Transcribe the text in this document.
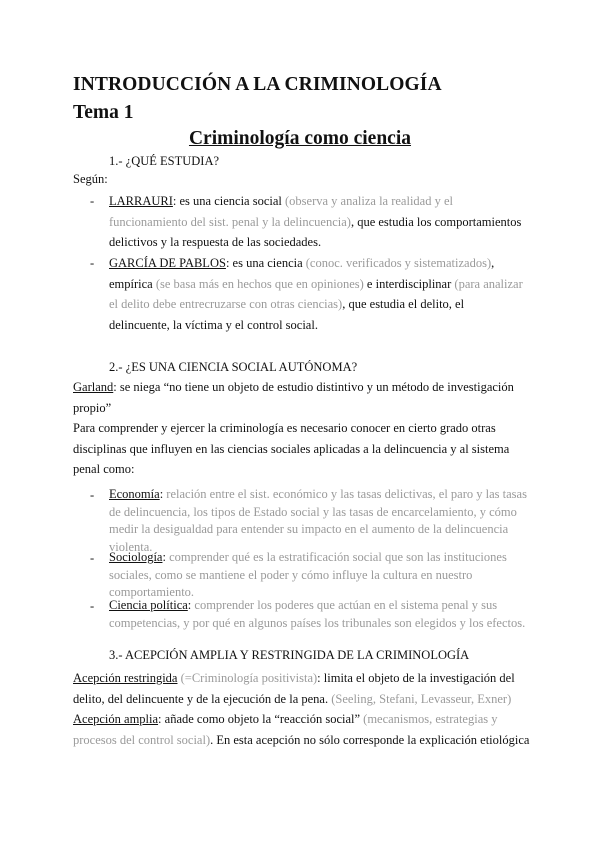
INTRODUCCIÓN A LA CRIMINOLOGÍA
Tema 1
Criminología como ciencia
1.- ¿QUÉ ESTUDIA?
Según:
- LARRAURI: es una ciencia social (observa y analiza la realidad y el funcionamiento del sist. penal y la delincuencia), que estudia los comportamientos delictivos y la respuesta de las sociedades.
- GARCÍA DE PABLOS: es una ciencia (conoc. verificados y sistematizados), empírica (se basa más en hechos que en opiniones) e interdisciplinar (para analizar el delito debe entrecruzarse con otras ciencias), que estudia el delito, el delincuente, la víctima y el control social.
2.- ¿ES UNA CIENCIA SOCIAL AUTÓNOMA?
Garland: se niega “no tiene un objeto de estudio distintivo y un método de investigación propio”
Para comprender y ejercer la criminología es necesario conocer en cierto grado otras disciplinas que influyen en las ciencias sociales aplicadas a la delincuencia y al sistema penal como:
- Economía: relación entre el sist. económico y las tasas delictivas, el paro y las tasas de delincuencia, los tipos de Estado social y las tasas de encarcelamiento, y cómo medir la desigualdad para entender su impacto en el aumento de la delincuencia violenta.
- Sociología: comprender qué es la estratificación social que son las instituciones sociales, como se mantiene el poder y cómo influye la cultura en nuestro comportamiento.
- Ciencia política: comprender los poderes que actúan en el sistema penal y sus competencias, y por qué en algunos países los tribunales son elegidos y los efectos.
3.- ACEPCIÓN AMPLIA Y RESTRINGIDA DE LA CRIMINOLOGÍA
Acepción restringida (=Criminología positivista): limita el objeto de la investigación del delito, del delincuente y de la ejecución de la pena. (Seeling, Stefani, Levasseur, Exner)
Acepción amplia: añade como objeto la “reacción social” (mecanismos, estrategias y procesos del control social). En esta acepción no sólo corresponde la explicación etiológica
